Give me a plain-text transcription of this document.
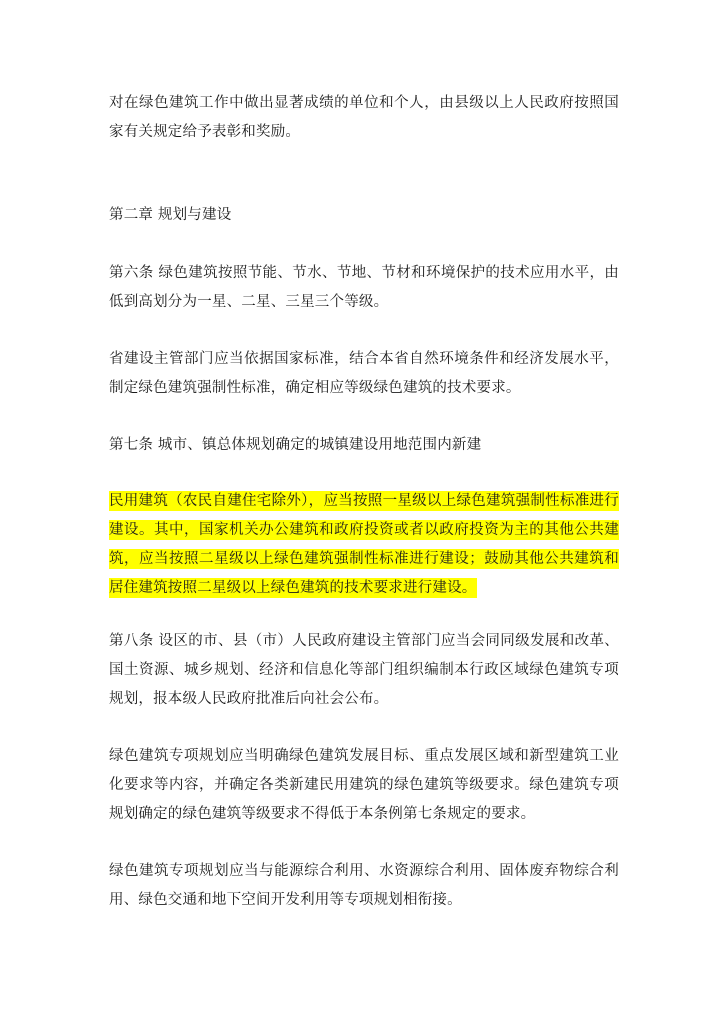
对在绿色建筑工作中做出显著成绩的单位和个人，由县级以上人民政府按照国家有关规定给予表彰和奖励。

第二章 规划与建设

第六条 绿色建筑按照节能、节水、节地、节材和环境保护的技术应用水平，由低到高划分为一星、二星、三星三个等级。

省建设主管部门应当依据国家标准，结合本省自然环境条件和经济发展水平，制定绿色建筑强制性标准，确定相应等级绿色建筑的技术要求。

第七条 城市、镇总体规划确定的城镇建设用地范围内新建

民用建筑（农民自建住宅除外），应当按照一星级以上绿色建筑强制性标准进行建设。其中，国家机关办公建筑和政府投资或者以政府投资为主的其他公共建筑，应当按照二星级以上绿色建筑强制性标准进行建设；鼓励其他公共建筑和居住建筑按照二星级以上绿色建筑的技术要求进行建设。

第八条 设区的市、县（市）人民政府建设主管部门应当会同同级发展和改革、国土资源、城乡规划、经济和信息化等部门组织编制本行政区域绿色建筑专项规划，报本级人民政府批准后向社会公布。

绿色建筑专项规划应当明确绿色建筑发展目标、重点发展区域和新型建筑工业化要求等内容，并确定各类新建民用建筑的绿色建筑等级要求。绿色建筑专项规划确定的绿色建筑等级要求不得低于本条例第七条规定的要求。

绿色建筑专项规划应当与能源综合利用、水资源综合利用、固体废弃物综合利用、绿色交通和地下空间开发利用等专项规划相衔接。
